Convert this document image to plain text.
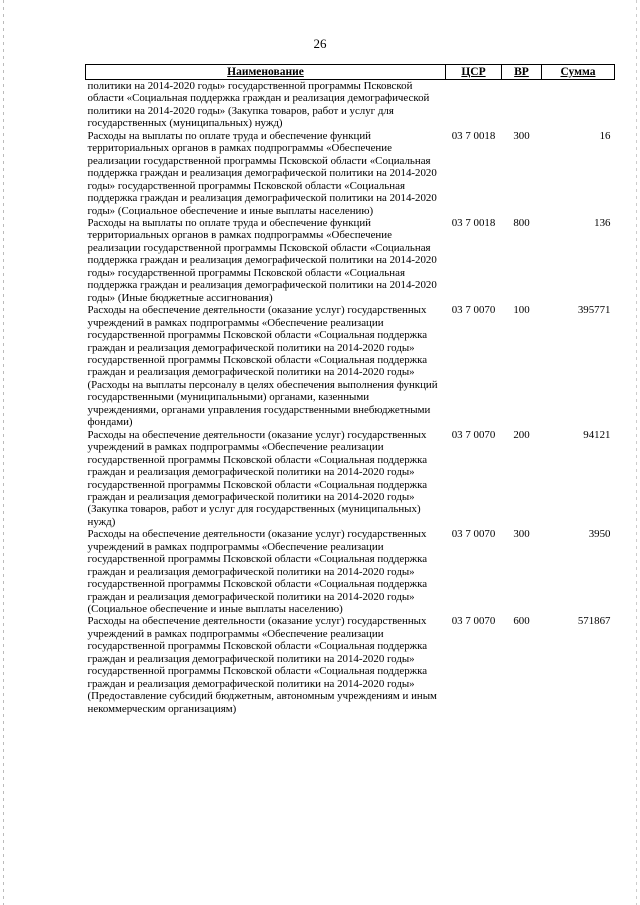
26
Наименование	ЦСР	ВР	Сумма
политики на 2014-2020 годы» государственной программы Псковской области «Социальная поддержка граждан и реализация демографической политики на 2014-2020 годы» (Закупка товаров, работ и услуг для государственных (муниципальных) нужд)			
Расходы на выплаты по оплате труда и обеспечение функций территориальных органов в рамках подпрограммы «Обеспечение реализации государственной программы Псковской области «Социальная поддержка граждан и реализация демографической политики на 2014-2020 годы» государственной программы Псковской области «Социальная поддержка граждан и реализация демографической политики на 2014-2020 годы» (Социальное обеспечение и иные выплаты населению)	03 7 0018	300	16
Расходы на выплаты по оплате труда и обеспечение функций территориальных органов в рамках подпрограммы «Обеспечение реализации государственной программы Псковской области «Социальная поддержка граждан и реализация демографической политики на 2014-2020 годы» государственной программы Псковской области «Социальная поддержка граждан и реализация демографической политики на 2014-2020 годы» (Иные бюджетные ассигнования)	03 7 0018	800	136
Расходы на обеспечение деятельности (оказание услуг) государственных учреждений в рамках подпрограммы «Обеспечение реализации государственной программы Псковской области «Социальная поддержка граждан и реализация демографической политики на 2014-2020 годы» государственной программы Псковской области «Социальная поддержка граждан и реализация демографической политики на 2014-2020 годы» (Расходы на выплаты персоналу в целях обеспечения выполнения функций государственными (муниципальными) органами, казенными учреждениями, органами управления государственными внебюджетными фондами)	03 7 0070	100	395771
Расходы на обеспечение деятельности (оказание услуг) государственных учреждений в рамках подпрограммы «Обеспечение реализации государственной программы Псковской области «Социальная поддержка граждан и реализация демографической политики на 2014-2020 годы» государственной программы Псковской области «Социальная поддержка граждан и реализация демографической политики на 2014-2020 годы» (Закупка товаров, работ и услуг для государственных (муниципальных) нужд)	03 7 0070	200	94121
Расходы на обеспечение деятельности (оказание услуг) государственных учреждений в рамках подпрограммы «Обеспечение реализации государственной программы Псковской области «Социальная поддержка граждан и реализация демографической политики на 2014-2020 годы» государственной программы Псковской области «Социальная поддержка граждан и реализация демографической политики на 2014-2020 годы» (Социальное обеспечение и иные выплаты населению)	03 7 0070	300	3950
Расходы на обеспечение деятельности (оказание услуг) государственных учреждений в рамках подпрограммы «Обеспечение реализации государственной программы Псковской области «Социальная поддержка граждан и реализация демографической политики на 2014-2020 годы» государственной программы Псковской области «Социальная поддержка граждан и реализация демографической политики на 2014-2020 годы» (Предоставление субсидий бюджетным, автономным учреждениям и иным некоммерческим организациям)	03 7 0070	600	571867
